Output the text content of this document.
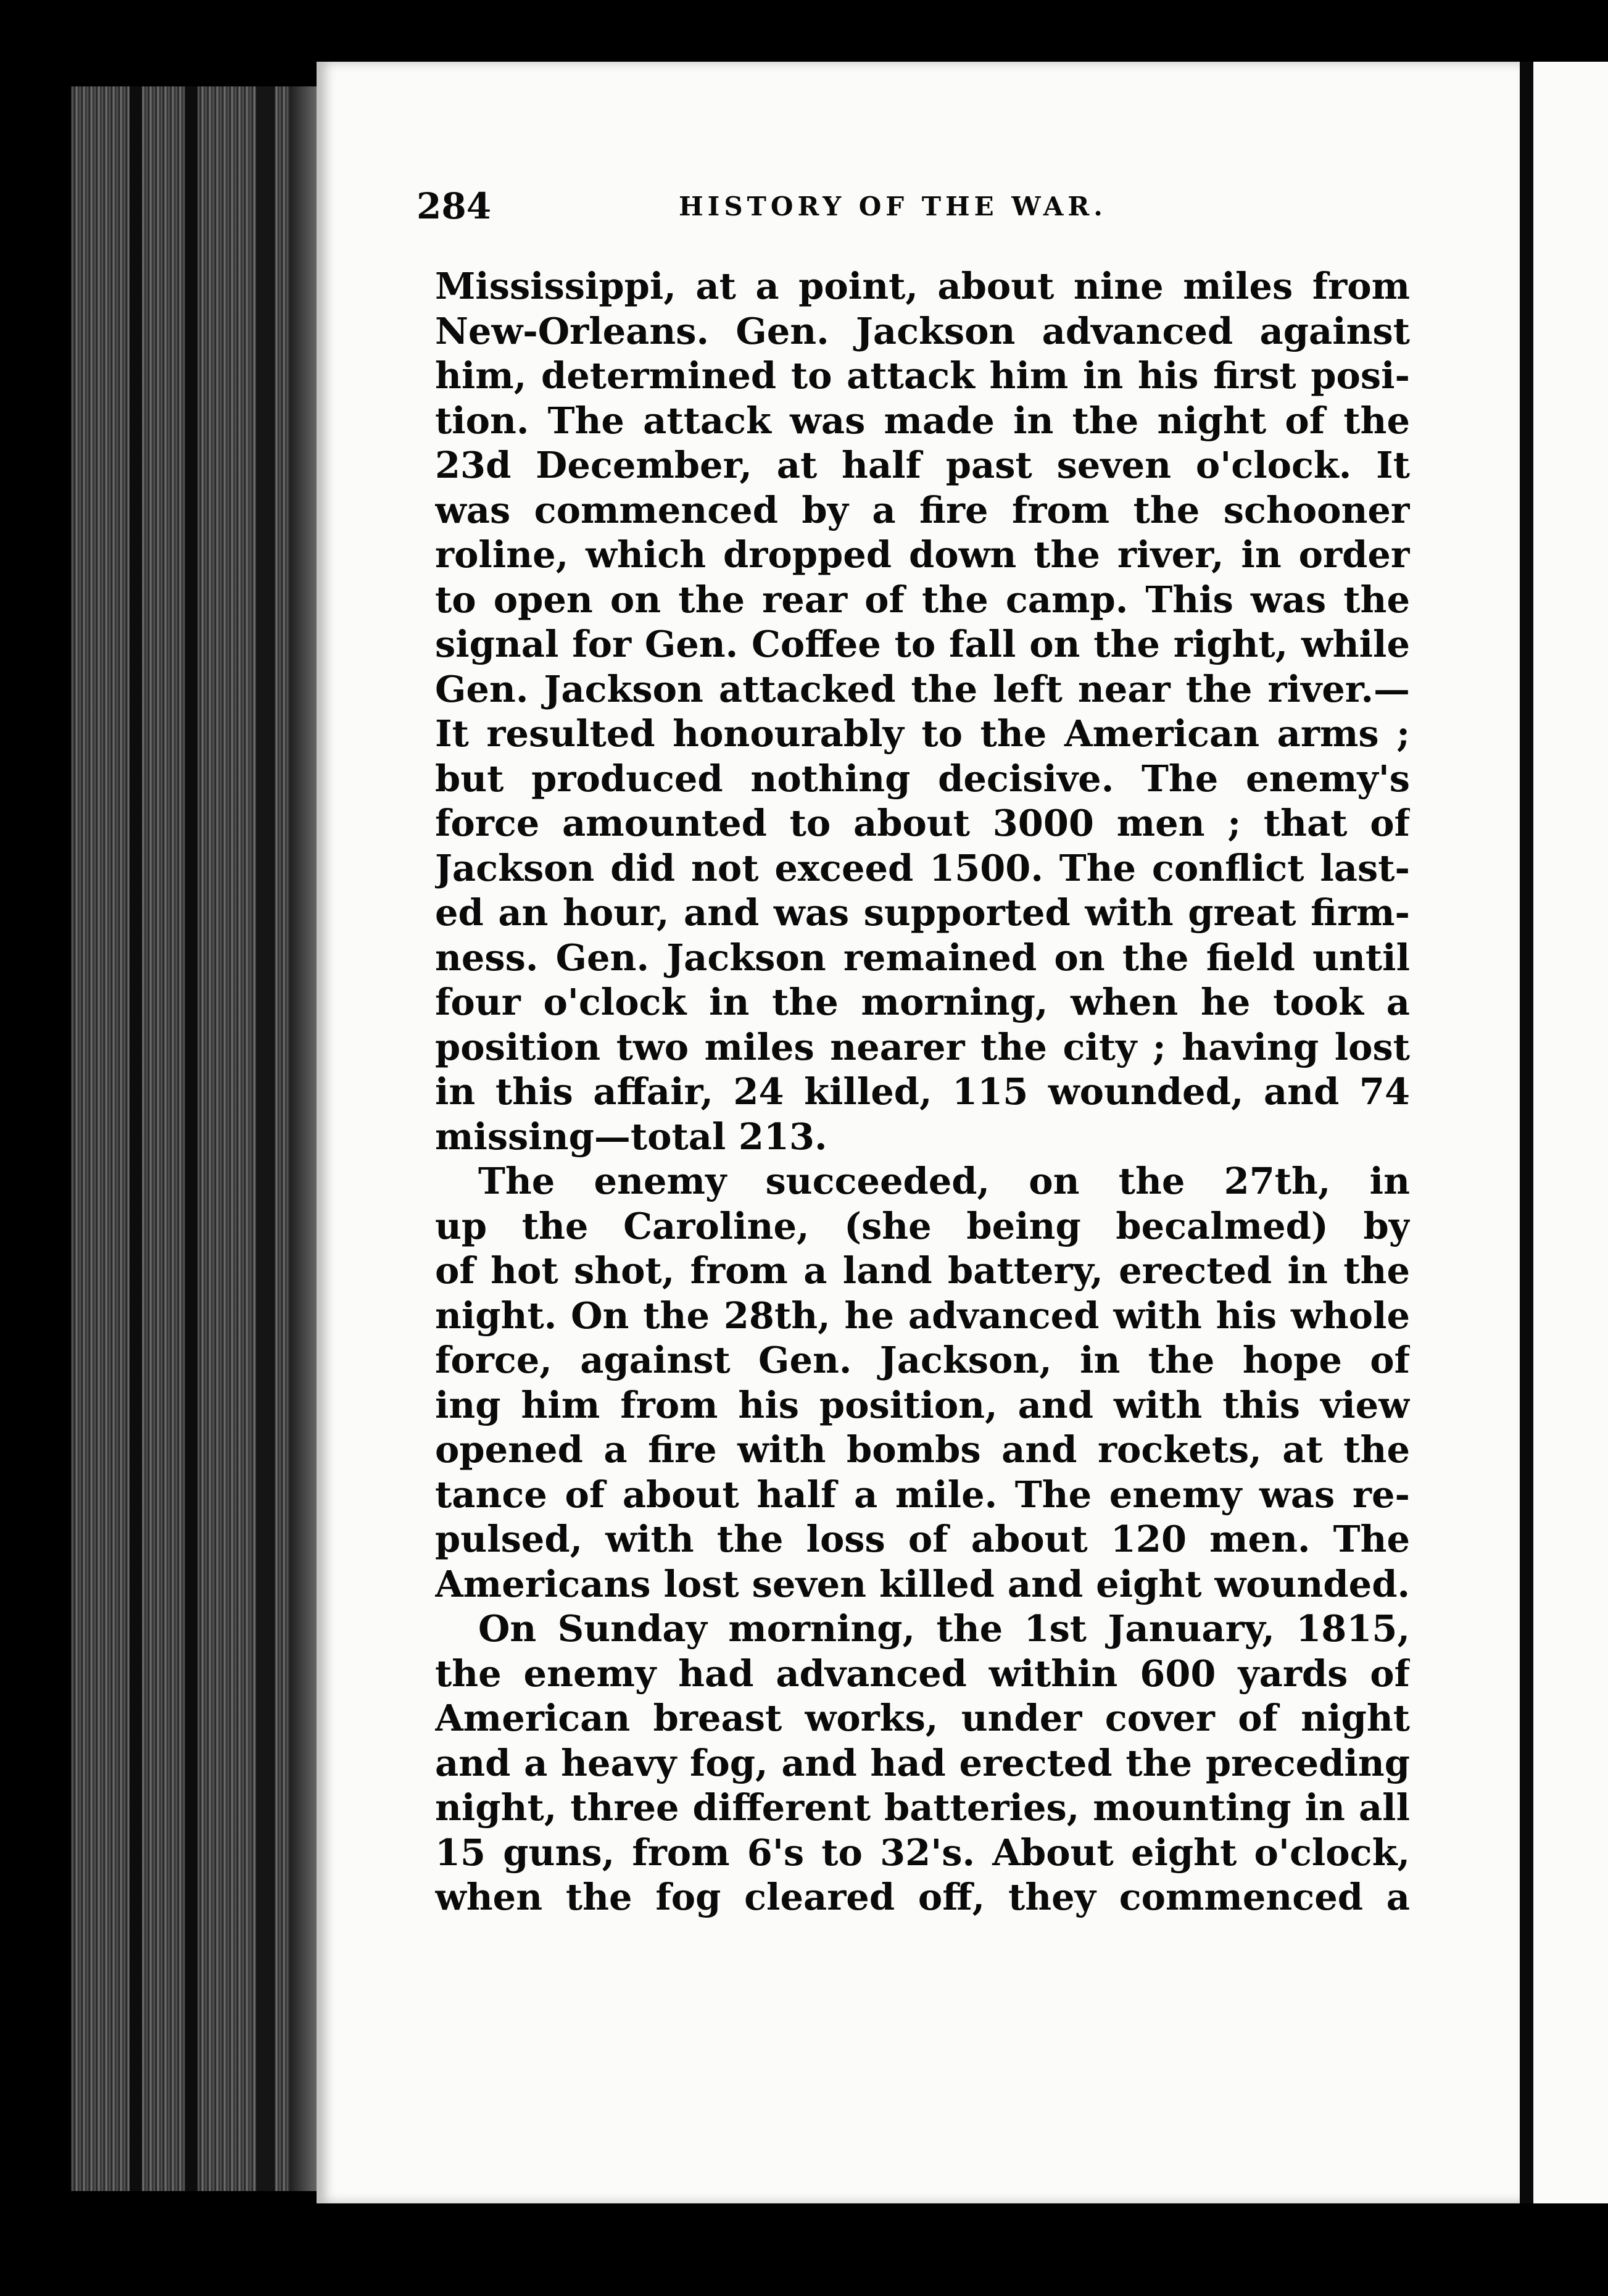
284	HISTORY OF THE WAR.
Mississippi, at a point, about nine miles from
New-Orleans. Gen. Jackson advanced against
him, determined to attack him in his first posi-
tion. The attack was made in the night of the
23d December, at half past seven o'clock. It
was commenced by a fire from the schooner
roline, which dropped down the river, in order
to open on the rear of the camp. This was the
signal for Gen. Coffee to fall on the right, while
Gen. Jackson attacked the left near the river.—
It resulted honourably to the American arms ;
but produced nothing decisive. The enemy's
force amounted to about 3000 men ; that of
Jackson did not exceed 1500. The conflict last-
ed an hour, and was supported with great firm-
ness. Gen. Jackson remained on the field until
four o'clock in the morning, when he took a
position two miles nearer the city ; having lost
in this affair, 24 killed, 115 wounded, and 74
missing—total 213.
The enemy succeeded, on the 27th, in
up the Caroline, (she being becalmed) by
of hot shot, from a land battery, erected in the
night. On the 28th, he advanced with his whole
force, against Gen. Jackson, in the hope of
ing him from his position, and with this view
opened a fire with bombs and rockets, at the
tance of about half a mile. The enemy was re-
pulsed, with the loss of about 120 men. The
Americans lost seven killed and eight wounded.
On Sunday morning, the 1st January, 1815,
the enemy had advanced within 600 yards of
American breast works, under cover of night
and a heavy fog, and had erected the preceding
night, three different batteries, mounting in all
15 guns, from 6's to 32's. About eight o'clock,
when the fog cleared off, they commenced a
